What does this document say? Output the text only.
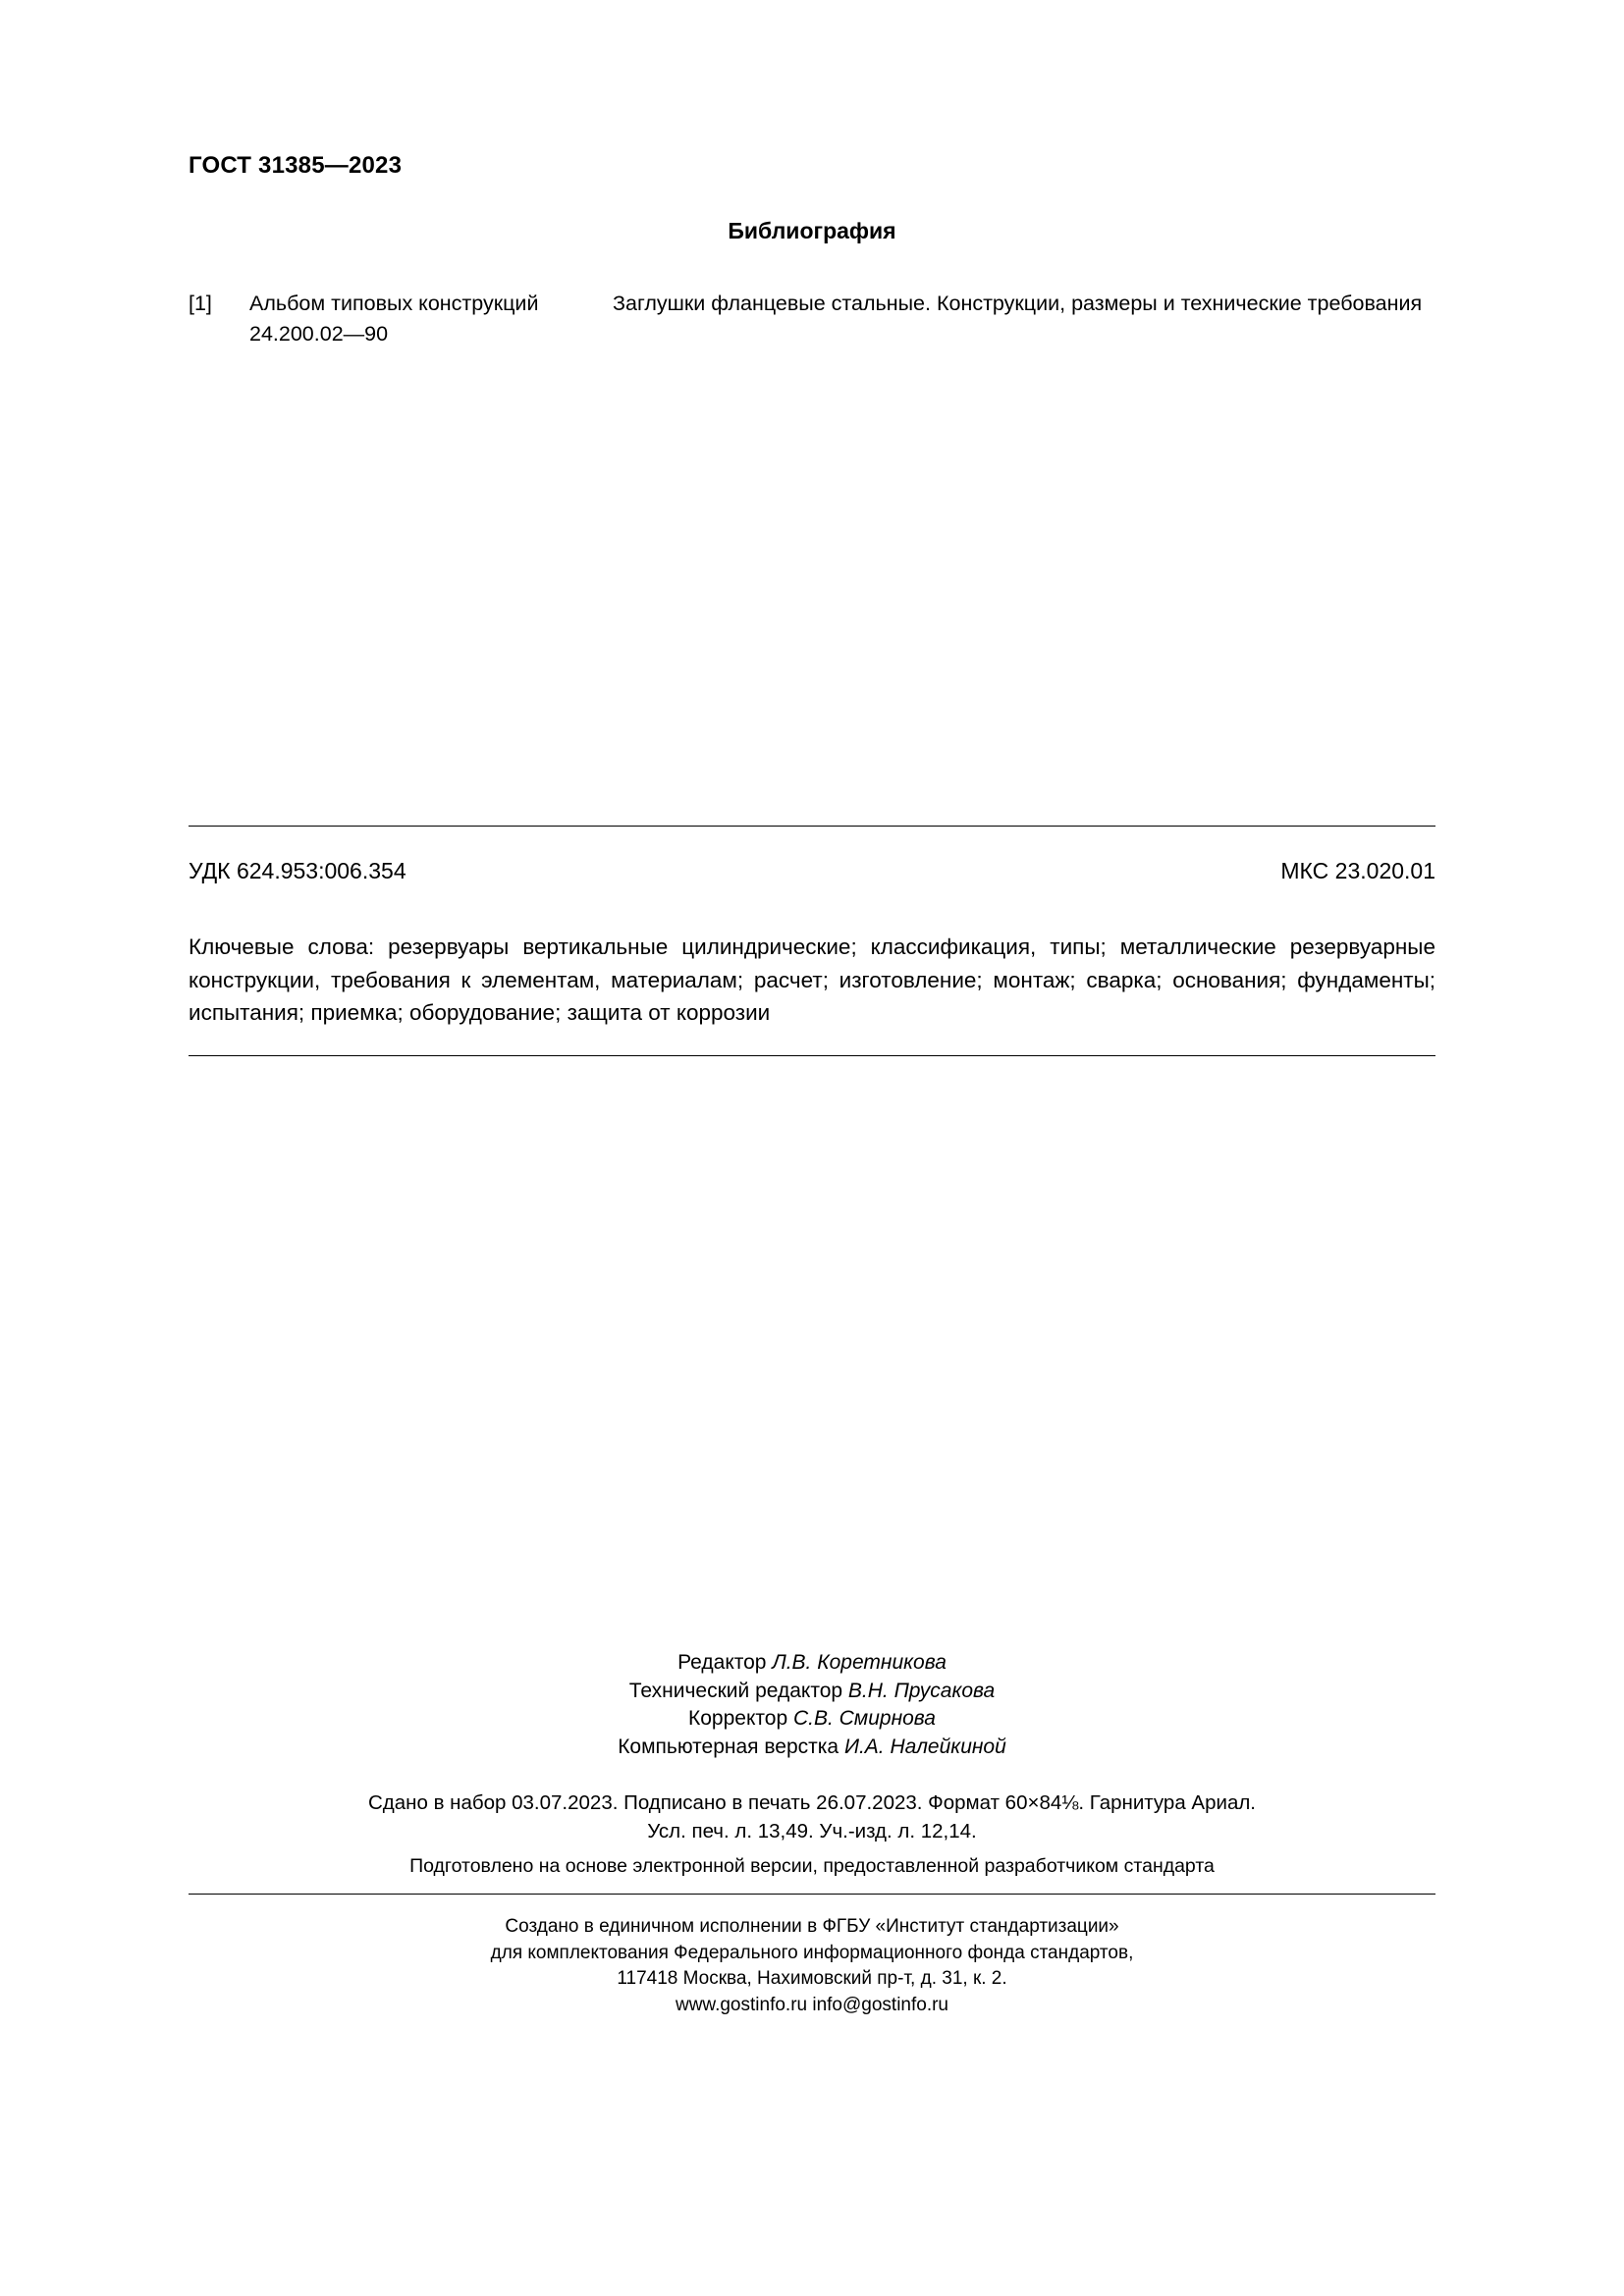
ГОСТ 31385—2023
Библиография
[1]	Альбом типовых конструкций 24.200.02—90
Заглушки фланцевые стальные. Конструкции, размеры и технические требования
УДК 624.953:006.354	МКС 23.020.01
Ключевые слова: резервуары вертикальные цилиндрические; классификация, типы; металлические резервуарные конструкции, требования к элементам, материалам; расчет; изготовление; монтаж; сварка; основания; фундаменты; испытания; приемка; оборудование; защита от коррозии
Редактор Л.В. Коретникова
Технический редактор В.Н. Прусакова
Корректор С.В. Смирнова
Компьютерная верстка И.А. Налейкиной
Сдано в набор 03.07.2023. Подписано в печать 26.07.2023. Формат 60×84⅛. Гарнитура Ариал.
Усл. печ. л. 13,49. Уч.-изд. л. 12,14.
Подготовлено на основе электронной версии, предоставленной разработчиком стандарта
Создано в единичном исполнении в ФГБУ «Институт стандартизации»
для комплектования Федерального информационного фонда стандартов,
117418 Москва, Нахимовский пр-т, д. 31, к. 2.
www.gostinfo.ru info@gostinfo.ru
